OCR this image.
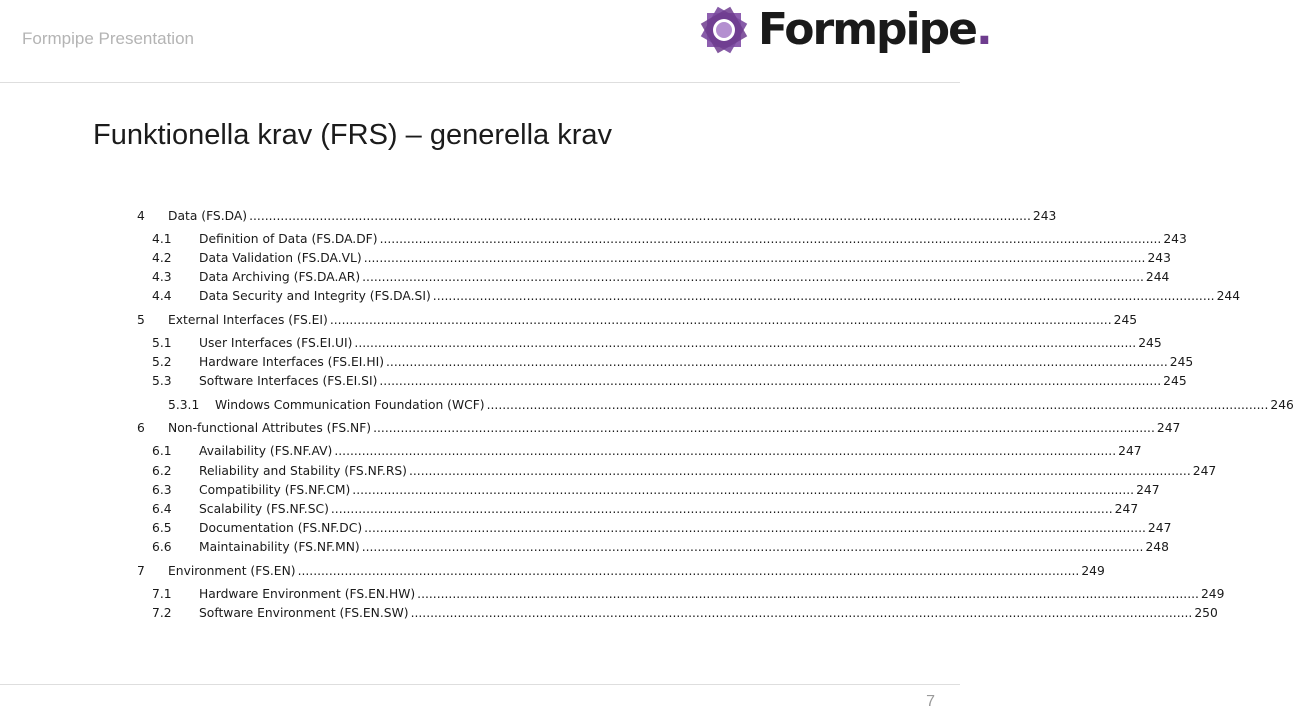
Formpipe Presentation	Formpipe.
Funktionella krav (FRS) – generella krav
4	Data (FS.DA) ........................................................................................................................................................................................................ 243
4.1	Definition of Data (FS.DA.DF) ........................................................................................................................................................................................................ 243
4.2	Data Validation (FS.DA.VL) ........................................................................................................................................................................................................ 243
4.3	Data Archiving (FS.DA.AR) ........................................................................................................................................................................................................ 244
4.4	Data Security and Integrity (FS.DA.SI) ........................................................................................................................................................................................................ 244
5	External Interfaces (FS.EI) ........................................................................................................................................................................................................ 245
5.1	User Interfaces (FS.EI.UI) ........................................................................................................................................................................................................ 245
5.2	Hardware Interfaces (FS.EI.HI) ........................................................................................................................................................................................................ 245
5.3	Software Interfaces (FS.EI.SI) ........................................................................................................................................................................................................ 245
5.3.1	Windows Communication Foundation (WCF) ........................................................................................................................................................................................................ 246
6	Non-functional Attributes (FS.NF) ........................................................................................................................................................................................................ 247
6.1	Availability (FS.NF.AV) ........................................................................................................................................................................................................ 247
6.2	Reliability and Stability (FS.NF.RS) ........................................................................................................................................................................................................ 247
6.3	Compatibility (FS.NF.CM) ........................................................................................................................................................................................................ 247
6.4	Scalability (FS.NF.SC) ........................................................................................................................................................................................................ 247
6.5	Documentation (FS.NF.DC) ........................................................................................................................................................................................................ 247
6.6	Maintainability (FS.NF.MN) ........................................................................................................................................................................................................ 248
7	Environment (FS.EN) ........................................................................................................................................................................................................ 249
7.1	Hardware Environment (FS.EN.HW) ........................................................................................................................................................................................................ 249
7.2	Software Environment (FS.EN.SW) ........................................................................................................................................................................................................ 250
7
